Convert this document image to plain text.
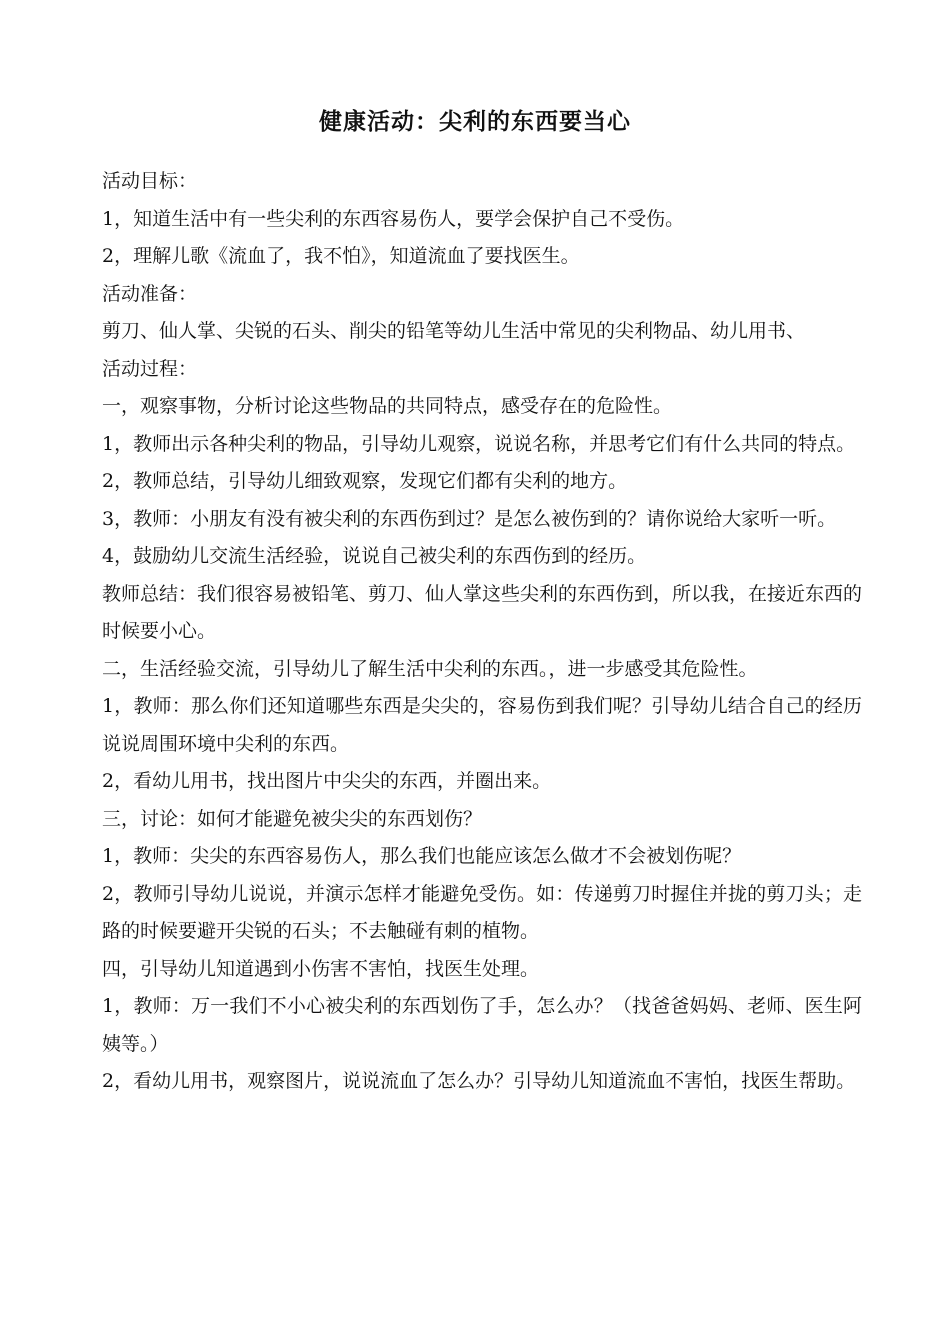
健康活动：尖利的东西要当心

活动目标：

1，知道生活中有一些尖利的东西容易伤人，要学会保护自己不受伤。

2，理解儿歌《流血了，我不怕》，知道流血了要找医生。

活动准备：

剪刀、仙人掌、尖锐的石头、削尖的铅笔等幼儿生活中常见的尖利物品、幼儿用书、

活动过程：

一，观察事物，分析讨论这些物品的共同特点，感受存在的危险性。

1，教师出示各种尖利的物品，引导幼儿观察，说说名称，并思考它们有什么共同的特点。

2，教师总结，引导幼儿细致观察，发现它们都有尖利的地方。

3，教师：小朋友有没有被尖利的东西伤到过？是怎么被伤到的？请你说给大家听一听。

4，鼓励幼儿交流生活经验，说说自己被尖利的东西伤到的经历。

教师总结：我们很容易被铅笔、剪刀、仙人掌这些尖利的东西伤到，所以我，在接近东西的时候要小心。

二，生活经验交流，引导幼儿了解生活中尖利的东西。，进一步感受其危险性。

1，教师：那么你们还知道哪些东西是尖尖的，容易伤到我们呢？引导幼儿结合自己的经历说说周围环境中尖利的东西。

2，看幼儿用书，找出图片中尖尖的东西，并圈出来。

三，讨论：如何才能避免被尖尖的东西划伤？

1，教师：尖尖的东西容易伤人，那么我们也能应该怎么做才不会被划伤呢？

2，教师引导幼儿说说，并演示怎样才能避免受伤。如：传递剪刀时握住并拢的剪刀头；走路的时候要避开尖锐的石头；不去触碰有刺的植物。

四，引导幼儿知道遇到小伤害不害怕，找医生处理。

1，教师：万一我们不小心被尖利的东西划伤了手，怎么办？（找爸爸妈妈、老师、医生阿姨等。）

2，看幼儿用书，观察图片，说说流血了怎么办？引导幼儿知道流血不害怕，找医生帮助。
